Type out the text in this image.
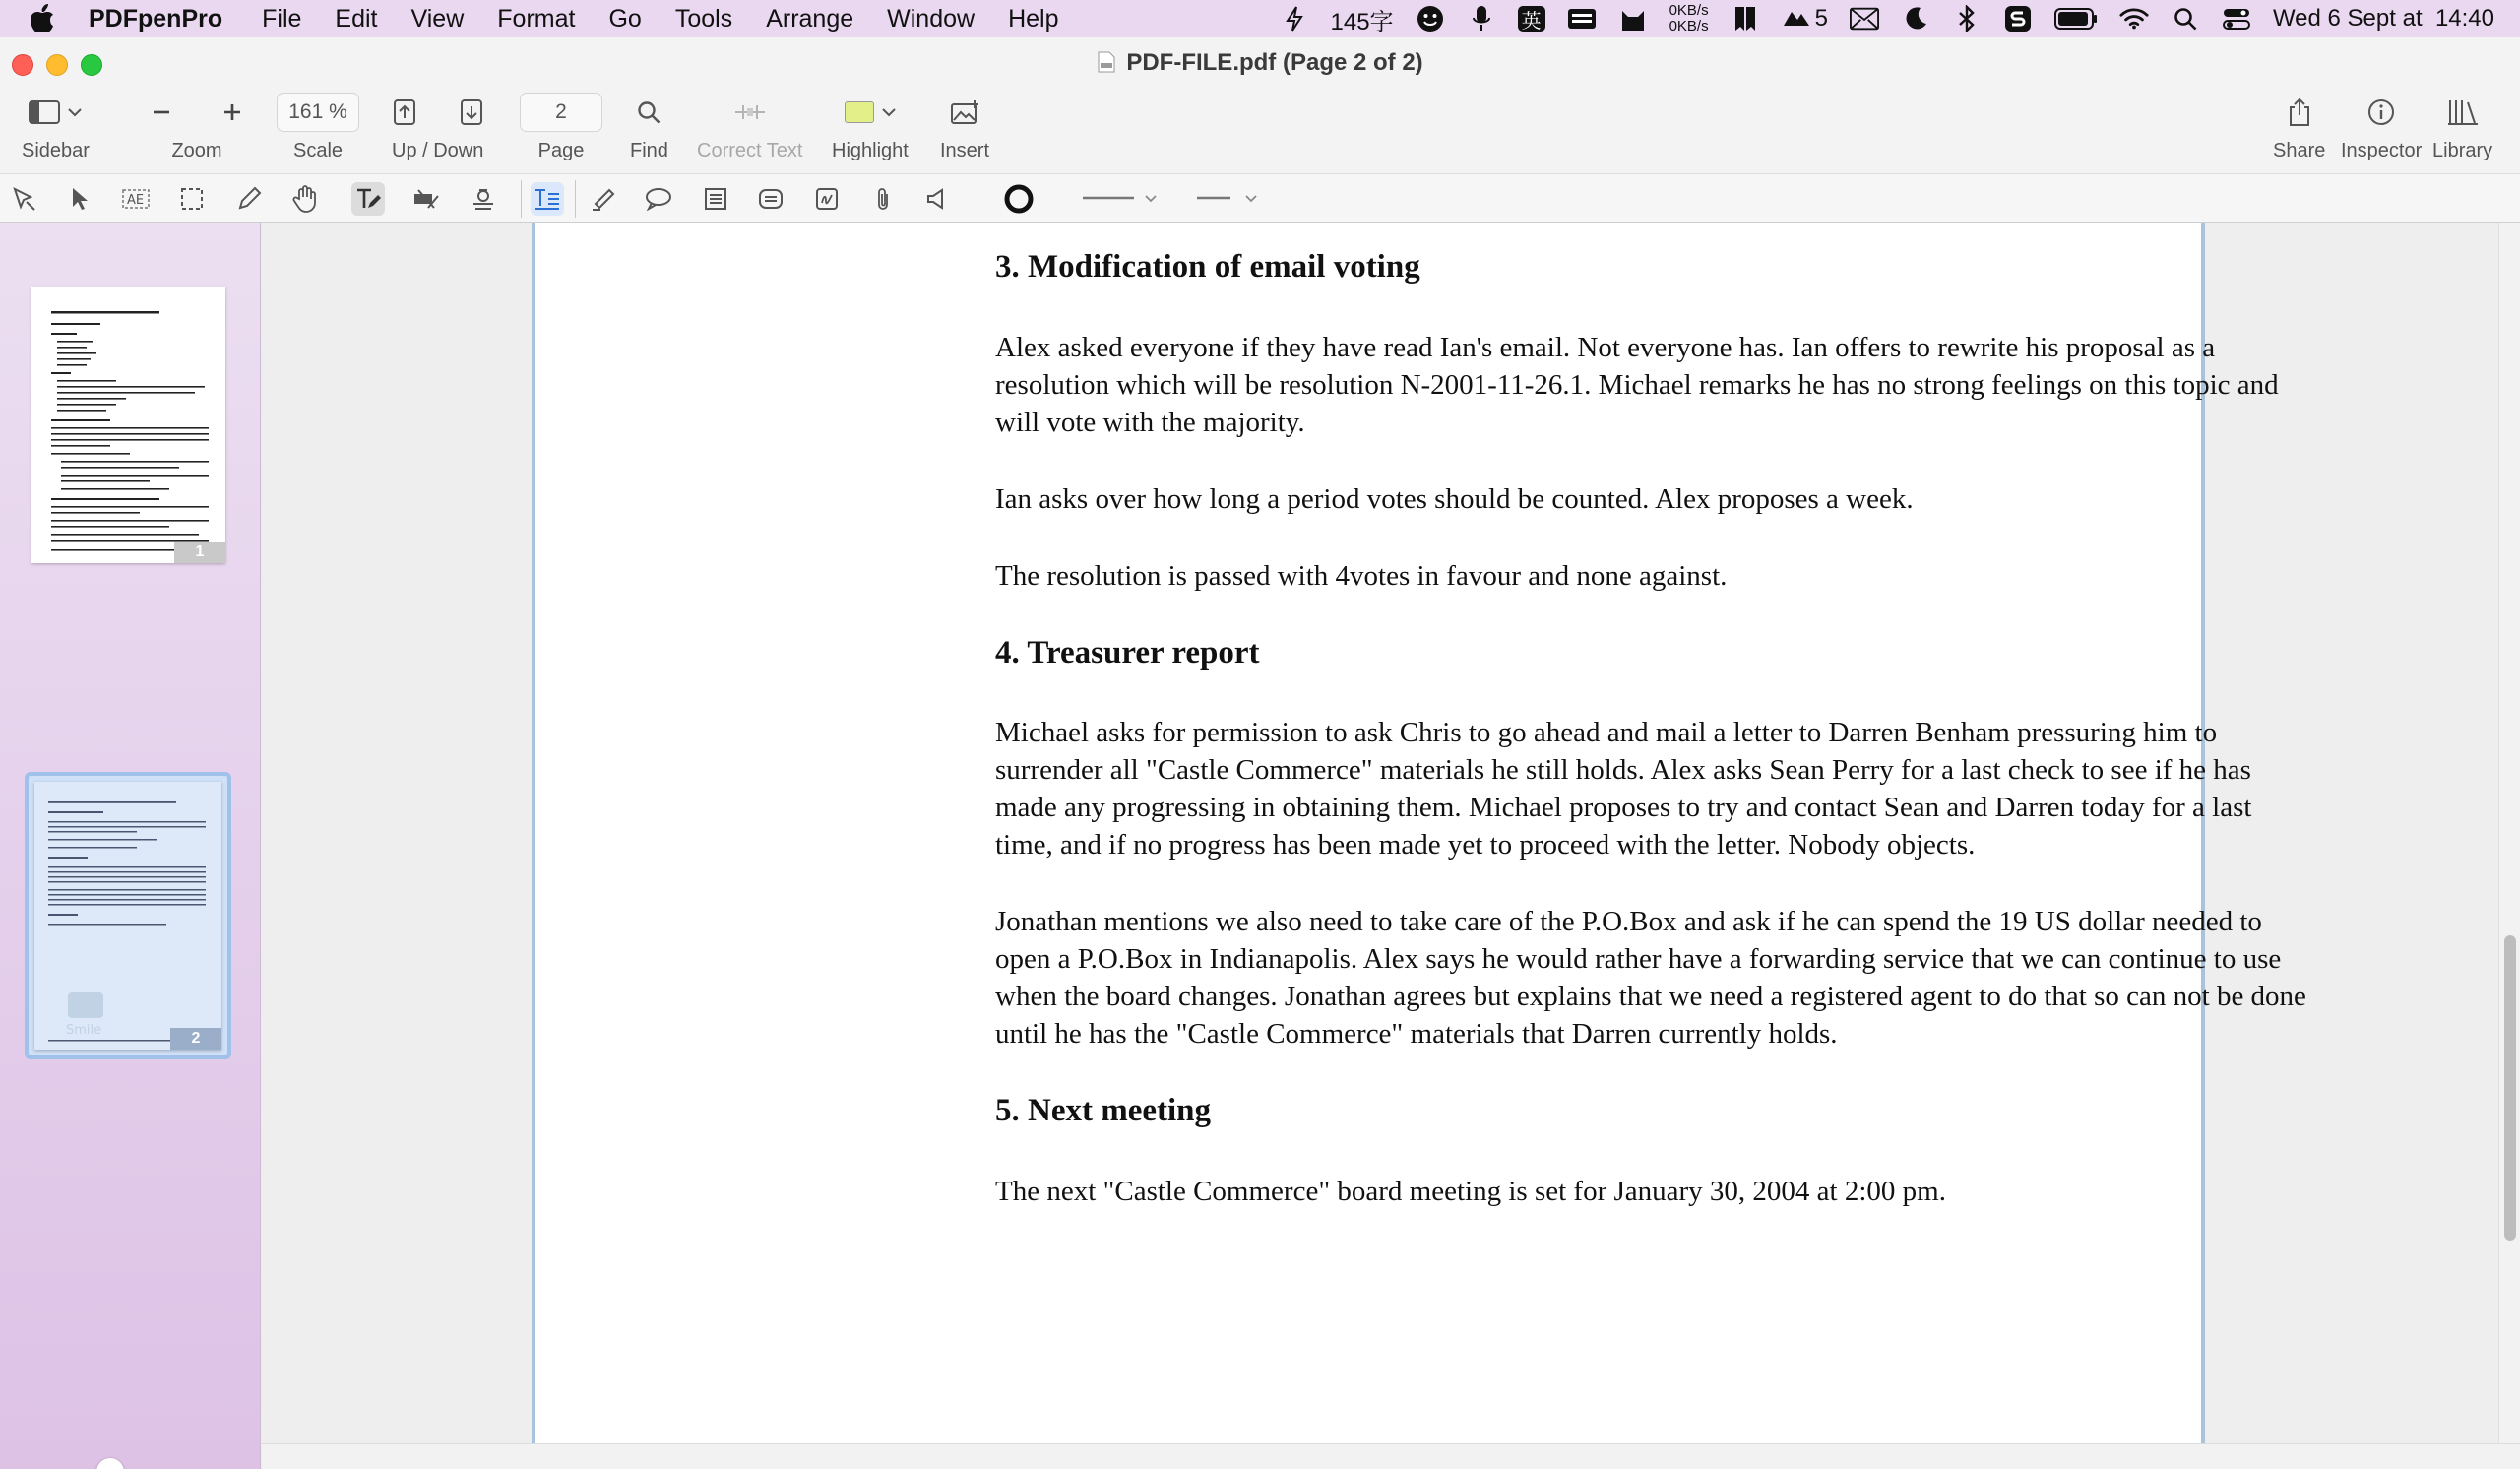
PDFpenPro File Edit View Format Go Tools Arrange Window Help	145字	英	0KB/s
0KB/s	5	Wed 6 Sept at  14:40
PDF-FILE.pdf (Page 2 of 2)
Sidebar	Zoom
161 %
Scale Up / Down
2
Page Find Correct Text Highlight Insert	Share Inspector Library
AE
1
Smile	2
3. Modification of email voting

Alex asked everyone if they have read Ian's email. Not everyone has. Ian offers to rewrite his proposal as a resolution which will be resolution N-2001-11-26.1. Michael remarks he has no strong feelings on this topic and will vote with the majority.

Ian asks over how long a period votes should be counted. Alex proposes a week.

The resolution is passed with 4votes in favour and none against.

4. Treasurer report

Michael asks for permission to ask Chris to go ahead and mail a letter to Darren Benham pressuring him to surrender all "Castle Commerce" materials he still holds. Alex asks Sean Perry for a last check to see if he has made any progressing in obtaining them. Michael proposes to try and contact Sean and Darren today for a last time, and if no progress has been made yet to proceed with the letter. Nobody objects.

Jonathan mentions we also need to take care of the P.O.Box and ask if he can spend the 19 US dollar needed to open a P.O.Box in Indianapolis. Alex says he would rather have a forwarding service that we can continue to use when the board changes. Jonathan agrees but explains that we need a registered agent to do that so can not be done until he has the "Castle Commerce" materials that Darren currently holds.

5. Next meeting

The next "Castle Commerce" board meeting is set for January 30, 2004 at 2:00 pm.
